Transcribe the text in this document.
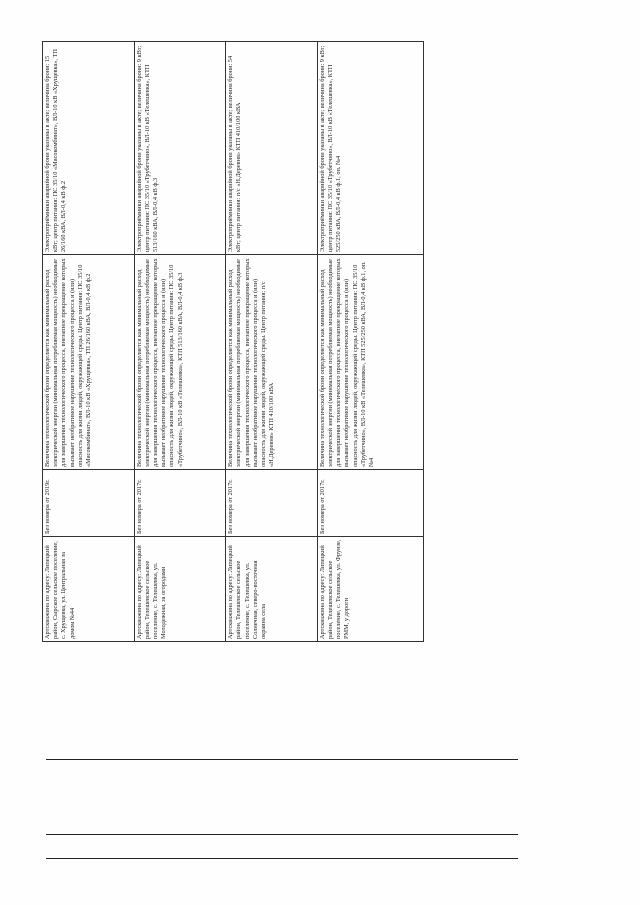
Артскважина по адресу: Липецкий район, Сырское сельское поселение, с. Хрущевка, ул. Центральная за домом №44	Без номера от 2019г.	Величина технологической брони определяется как минимальный расход электрической энергии (минимальная потребляемая мощность) необходимые для завершения технологического процесса, внезапное прекращение которых вызывает необратимое нарушение технологического процесса и (или) опасность для жизни людей, окружающей среды. Центр питания: ПС 35/10 «Мясокомбинат», ВЛ-10 кВ «Хрущевка», ТП 26/160 кВА, ВЛ-0,4 кВ ф.2	Электроприёмники аварийной брони указаны в акте; величина брони: 15 кВт; центр питания: ПС 35/10 «Мясокомбинат», ВЛ-10 кВ «Хрущевка», ТП 26/160 кВА, ВЛ-0,4 кВ ф.2
Артскважина по адресу: Липецкий район, Телешевское сельское поселение, с. Телешевка, ул. Молодежная, за огородами	Без номера от 2017г.	Величина технологической брони определяется как минимальный расход электрической энергии (минимальная потребляемая мощность) необходимые для завершения технологического процесса, внезапное прекращение которых вызывает необратимое нарушение технологического процесса и (или) опасность для жизни людей, окружающей среды. Центр питания: ПС 35/10 «Трубетчино», ВЛ-10 кВ «Телешевка», КТП 513/160 кВА, ВЛ-0,4 кВ ф.3	Электроприёмники аварийной брони указаны в акте; величина брони: 9 кВт; центр питания: ПС 35/10 «Трубетчино», ВЛ-10 кВ «Телешевка», КТП 513/160 кВА, ВЛ-0,4 кВ ф.3
Артскважина по адресу: Липецкий район, Телешевское сельское поселение, с. Телешевка, ул. Солнечная, северо-восточная окраина села	Без номера от 2017г.	Величина технологической брони определяется как минимальный расход электрической энергии (минимальная потребляемая мощность) необходимые для завершения технологического процесса, внезапное прекращение которых вызывает необратимое нарушение технологического процесса и (или) опасность для жизни людей, окружающей среды. Центр питания: п/с «Н.Деревня» КТП 410/100 кВА	Электроприёмники аварийной брони указаны в акте; величина брони: 54 кВт; центр питания: п/с «Н.Деревня» КТП 410/100 кВА
Артскважина по адресу: Липецкий район, Телешевское сельское поселение, с. Телешевка, ул. Фрунзе, РММ, у дороги	Без номера от 2017г.	Величина технологической брони определяется как минимальный расход электрической энергии (минимальная потребляемая мощность) необходимые для завершения технологического процесса, внезапное прекращение которых вызывает необратимое нарушение технологического процесса и (или) опасность для жизни людей, окружающей среды. Центр питания: ПС 35/10 «Трубетчино», ВЛ-10 кВ «Телешевка», КТП 525/250 кВА, ВЛ-0,4 кВ ф.1, оп. №4	Электроприёмники аварийной брони указаны в акте; величина брони: 9 кВт; центр питания: ПС 35/10 «Трубетчино», ВЛ-10 кВ «Телешевка», КТП 525/250 кВА, ВЛ-0,4 кВ ф.1, оп. №4
